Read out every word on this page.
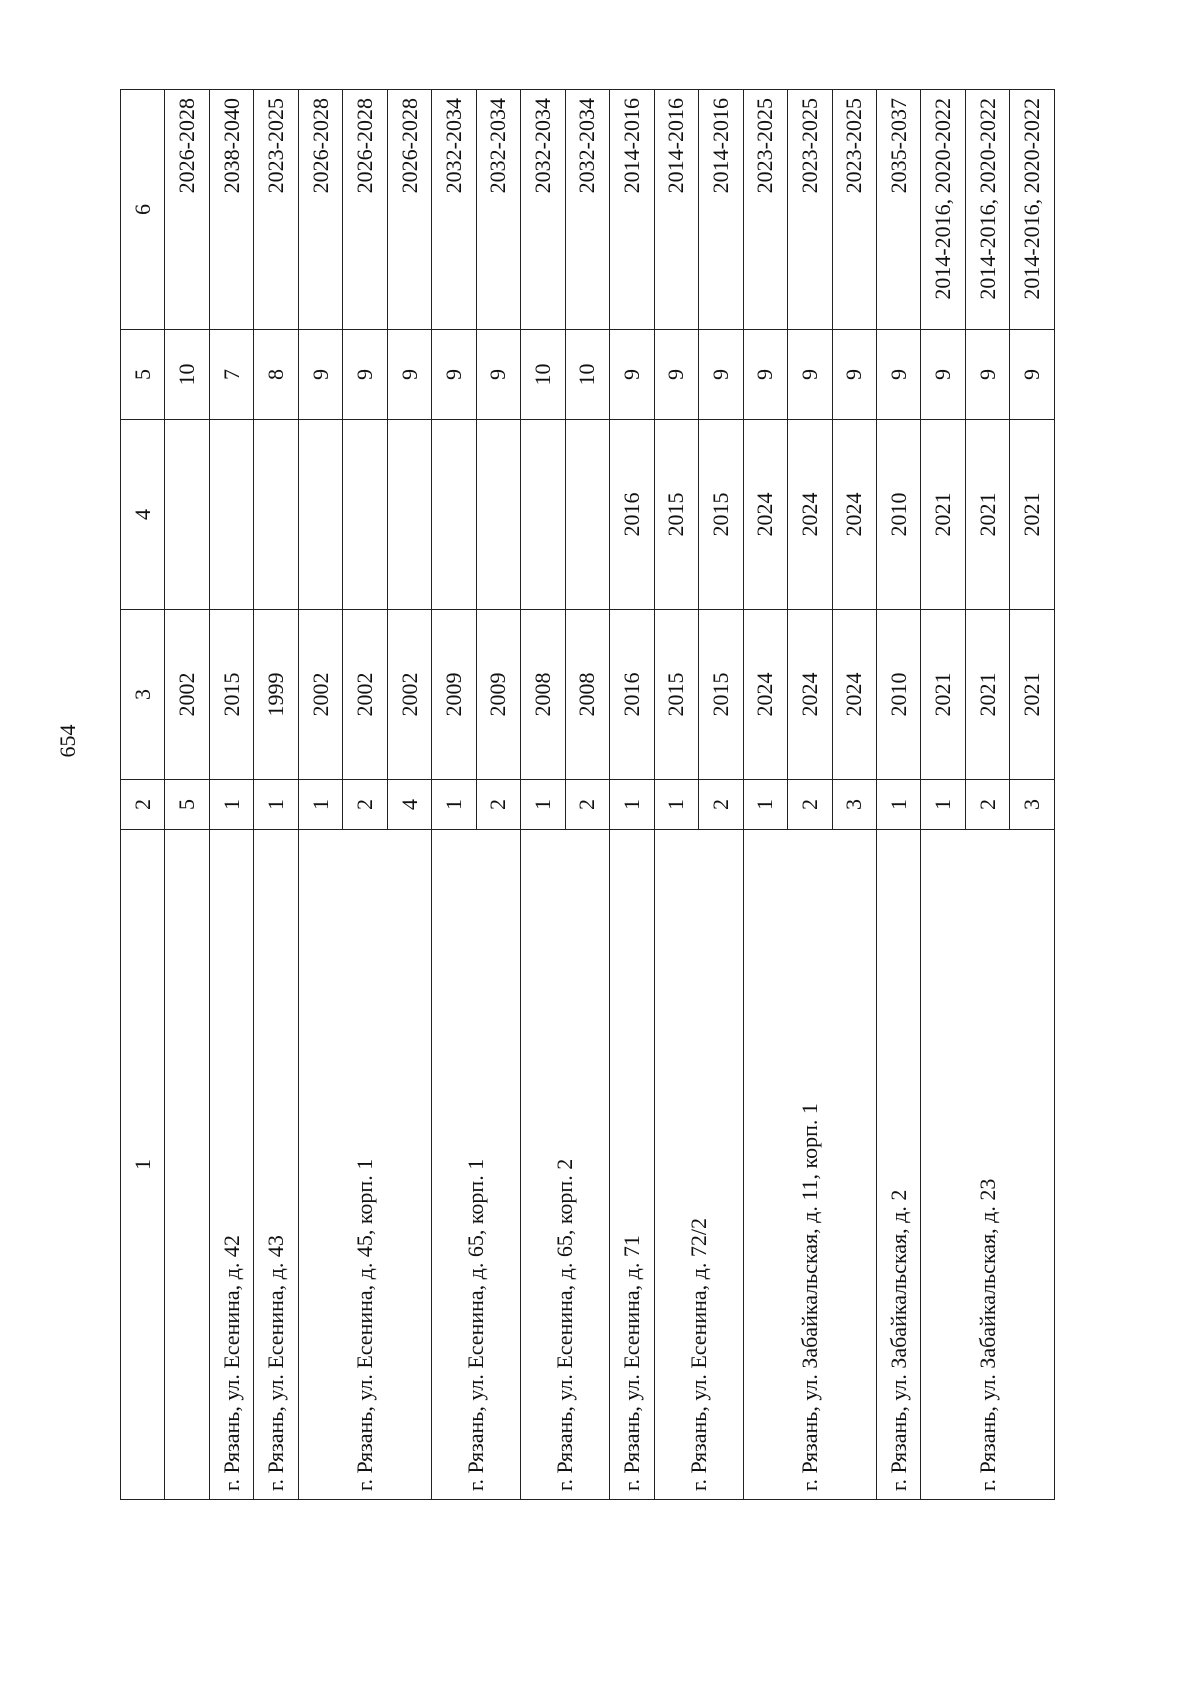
654
1	2	3	4	5	6
	5	2002		10	2026-2028
г. Рязань, ул. Есенина, д. 42	1	2015		7	2038-2040
г. Рязань, ул. Есенина, д. 43	1	1999		8	2023-2025
г. Рязань, ул. Есенина, д. 45, корп. 1	1	2002		9	2026-2028
	2	2002		9	2026-2028
	4	2002		9	2026-2028
г. Рязань, ул. Есенина, д. 65, корп. 1	1	2009		9	2032-2034
	2	2009		9	2032-2034
г. Рязань, ул. Есенина, д. 65, корп. 2	1	2008		10	2032-2034
	2	2008		10	2032-2034
г. Рязань, ул. Есенина, д. 71	1	2016	2016	9	2014-2016
г. Рязань, ул. Есенина, д. 72/2	1	2015	2015	9	2014-2016
	2	2015	2015	9	2014-2016
г. Рязань, ул. Забайкальская, д. 11, корп. 1	1	2024	2024	9	2023-2025
	2	2024	2024	9	2023-2025
	3	2024	2024	9	2023-2025
г. Рязань, ул. Забайкальская, д. 2	1	2010	2010	9	2035-2037
г. Рязань, ул. Забайкальская, д. 23	1	2021	2021	9	2014-2016, 2020-2022
	2	2021	2021	9	2014-2016, 2020-2022
	3	2021	2021	9	2014-2016, 2020-2022
